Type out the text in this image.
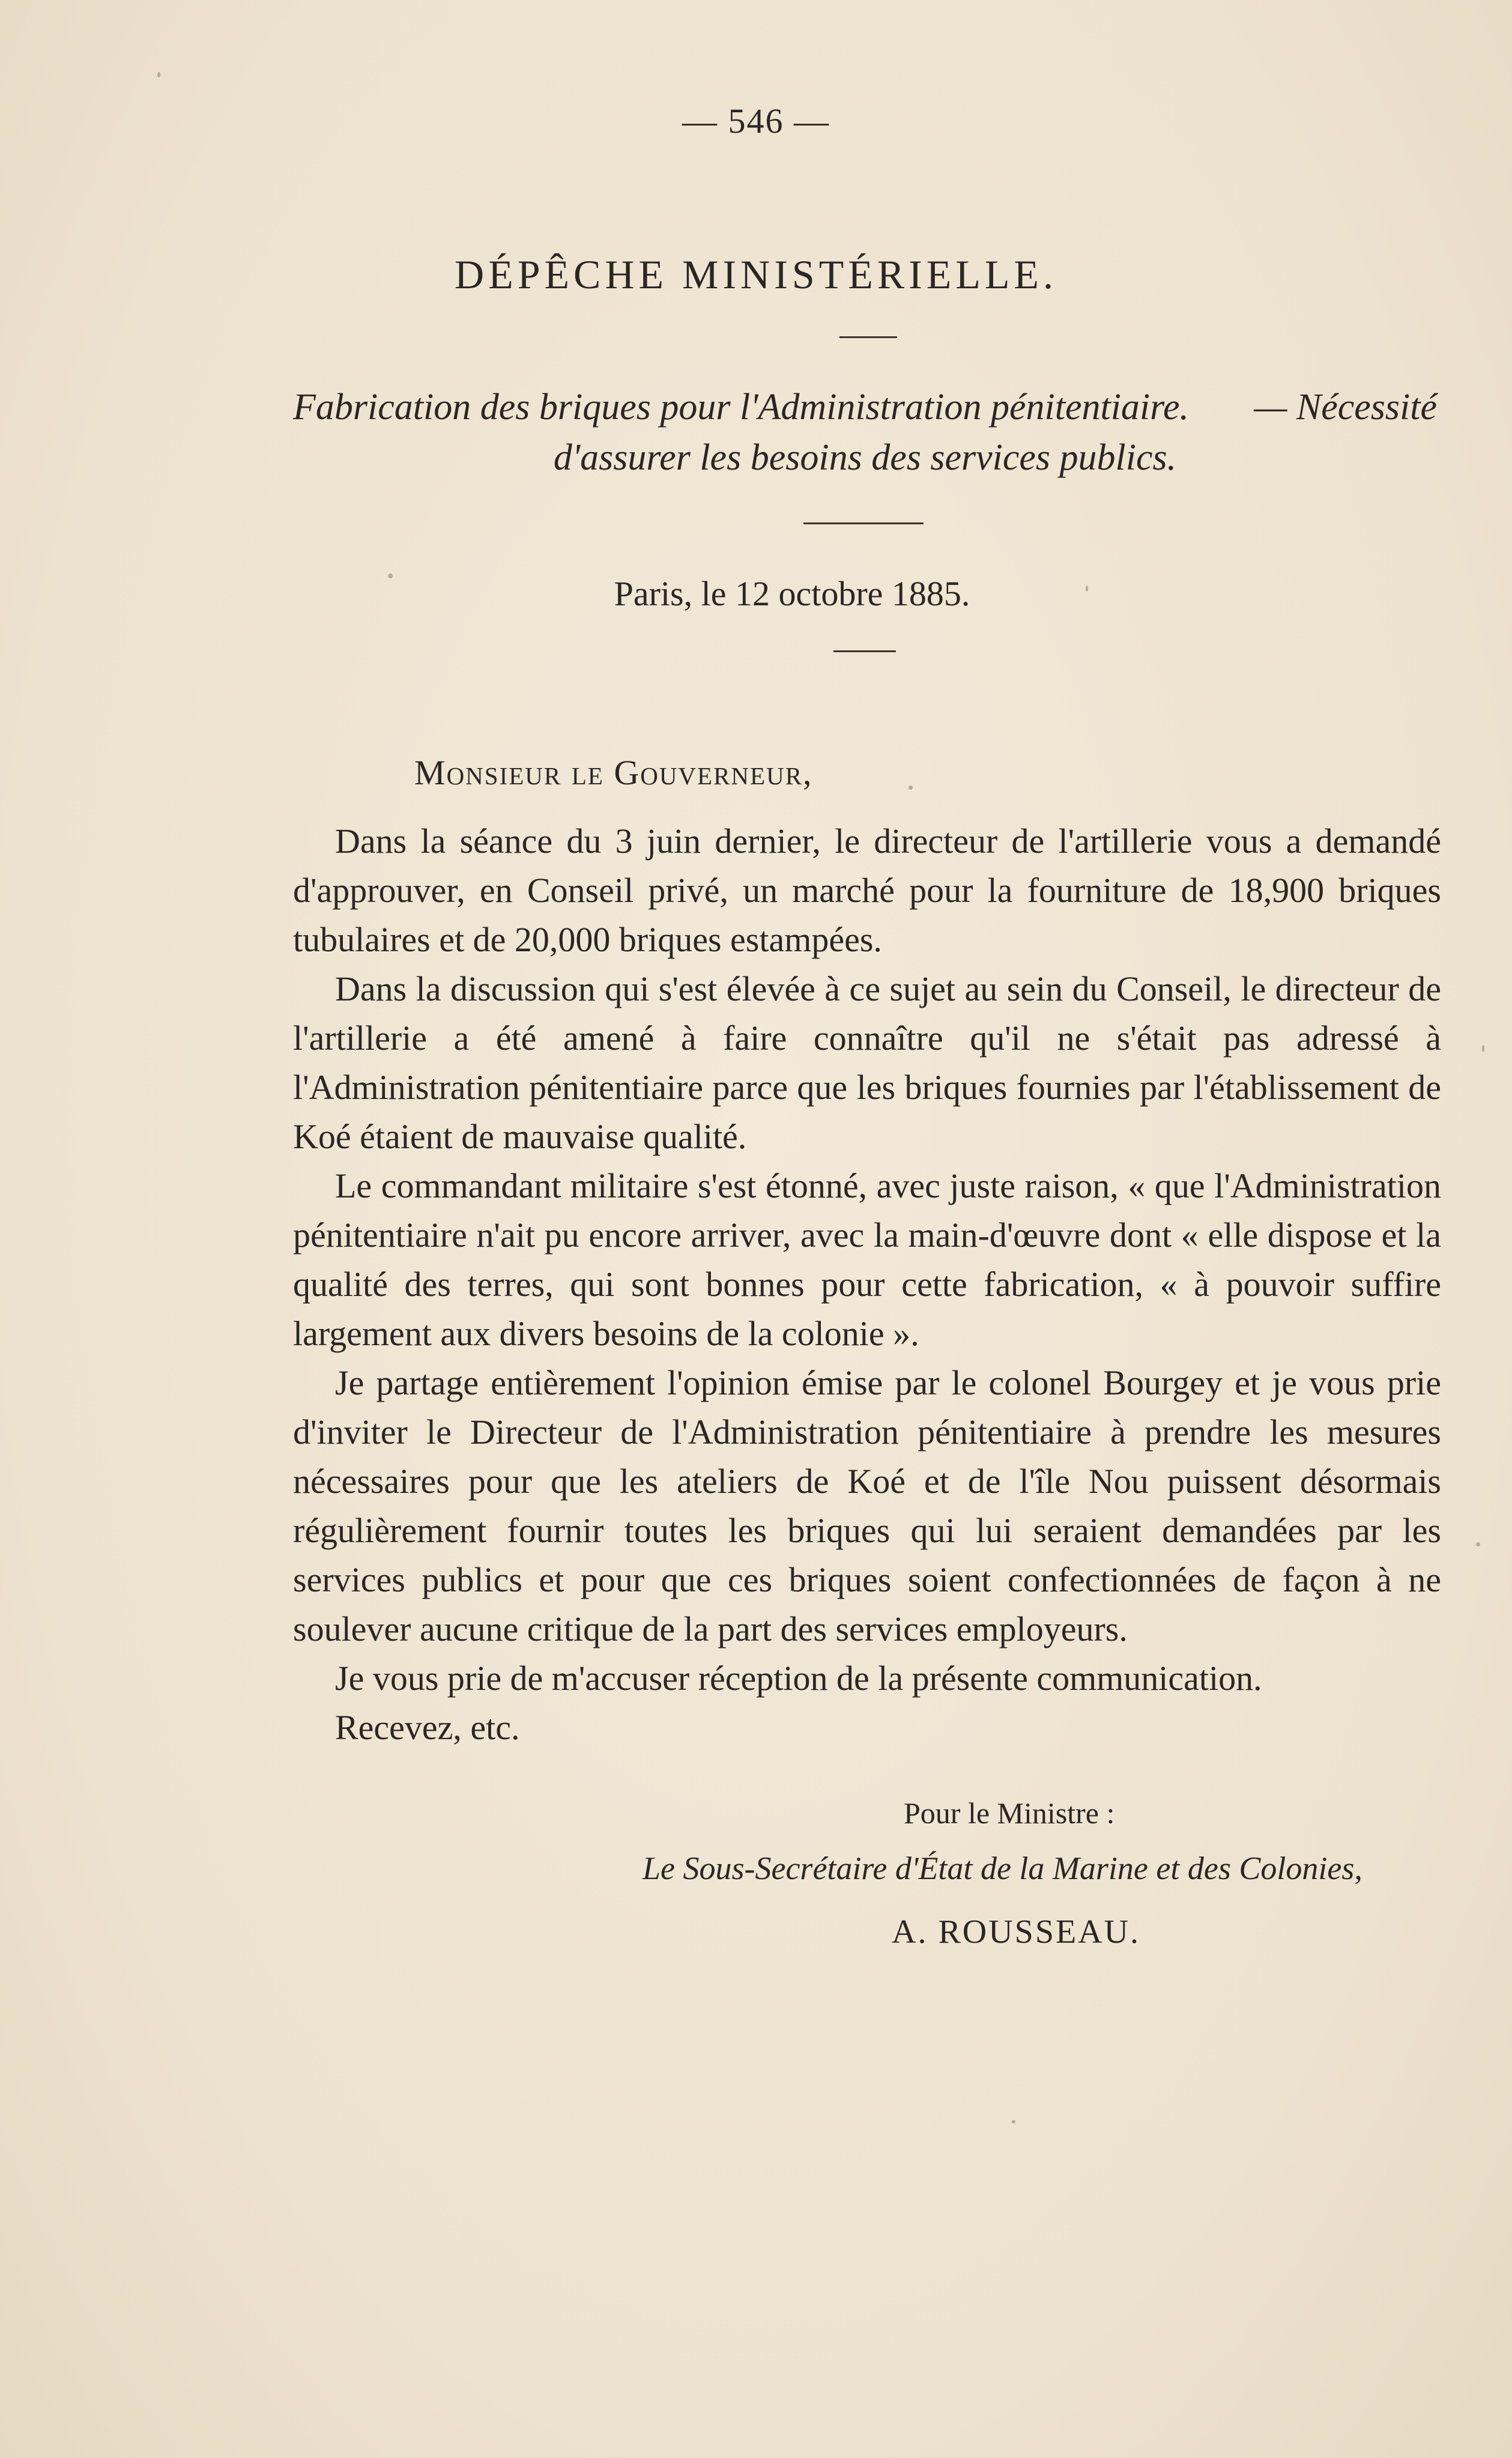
— 546 —
DÉPÊCHE MINISTÉRIELLE.
Fabrication des briques pour l'Administration pénitentiaire. — Nécessité
d'assurer les besoins des services publics.
Paris, le 12 octobre 1885.
Monsieur le Gouverneur,

Dans la séance du 3 juin dernier, le directeur de l'artillerie vous a demandé d'approuver, en Conseil privé, un marché pour la fourniture de 18,900 briques tubulaires et de 20,000 briques estampées.

Dans la discussion qui s'est élevée à ce sujet au sein du Conseil, le directeur de l'artillerie a été amené à faire connaître qu'il ne s'était pas adressé à l'Administration pénitentiaire parce que les briques fournies par l'établissement de Koé étaient de mauvaise qualité.

Le commandant militaire s'est étonné, avec juste raison, « que l'Administration pénitentiaire n'ait pu encore arriver, avec la main-d'œuvre dont « elle dispose et la qualité des terres, qui sont bonnes pour cette fabrication, « à pouvoir suffire largement aux divers besoins de la colonie ».

Je partage entièrement l'opinion émise par le colonel Bourgey et je vous prie d'inviter le Directeur de l'Administration pénitentiaire à prendre les mesures nécessaires pour que les ateliers de Koé et de l'île Nou puissent désormais régulièrement fournir toutes les briques qui lui seraient demandées par les services publics et pour que ces briques soient confectionnées de façon à ne soulever aucune critique de la part des services employeurs.

Je vous prie de m'accuser réception de la présente communication.

Recevez, etc.

Pour le Ministre :
Le Sous-Secrétaire d'État de la Marine et des Colonies,
A. ROUSSEAU.
